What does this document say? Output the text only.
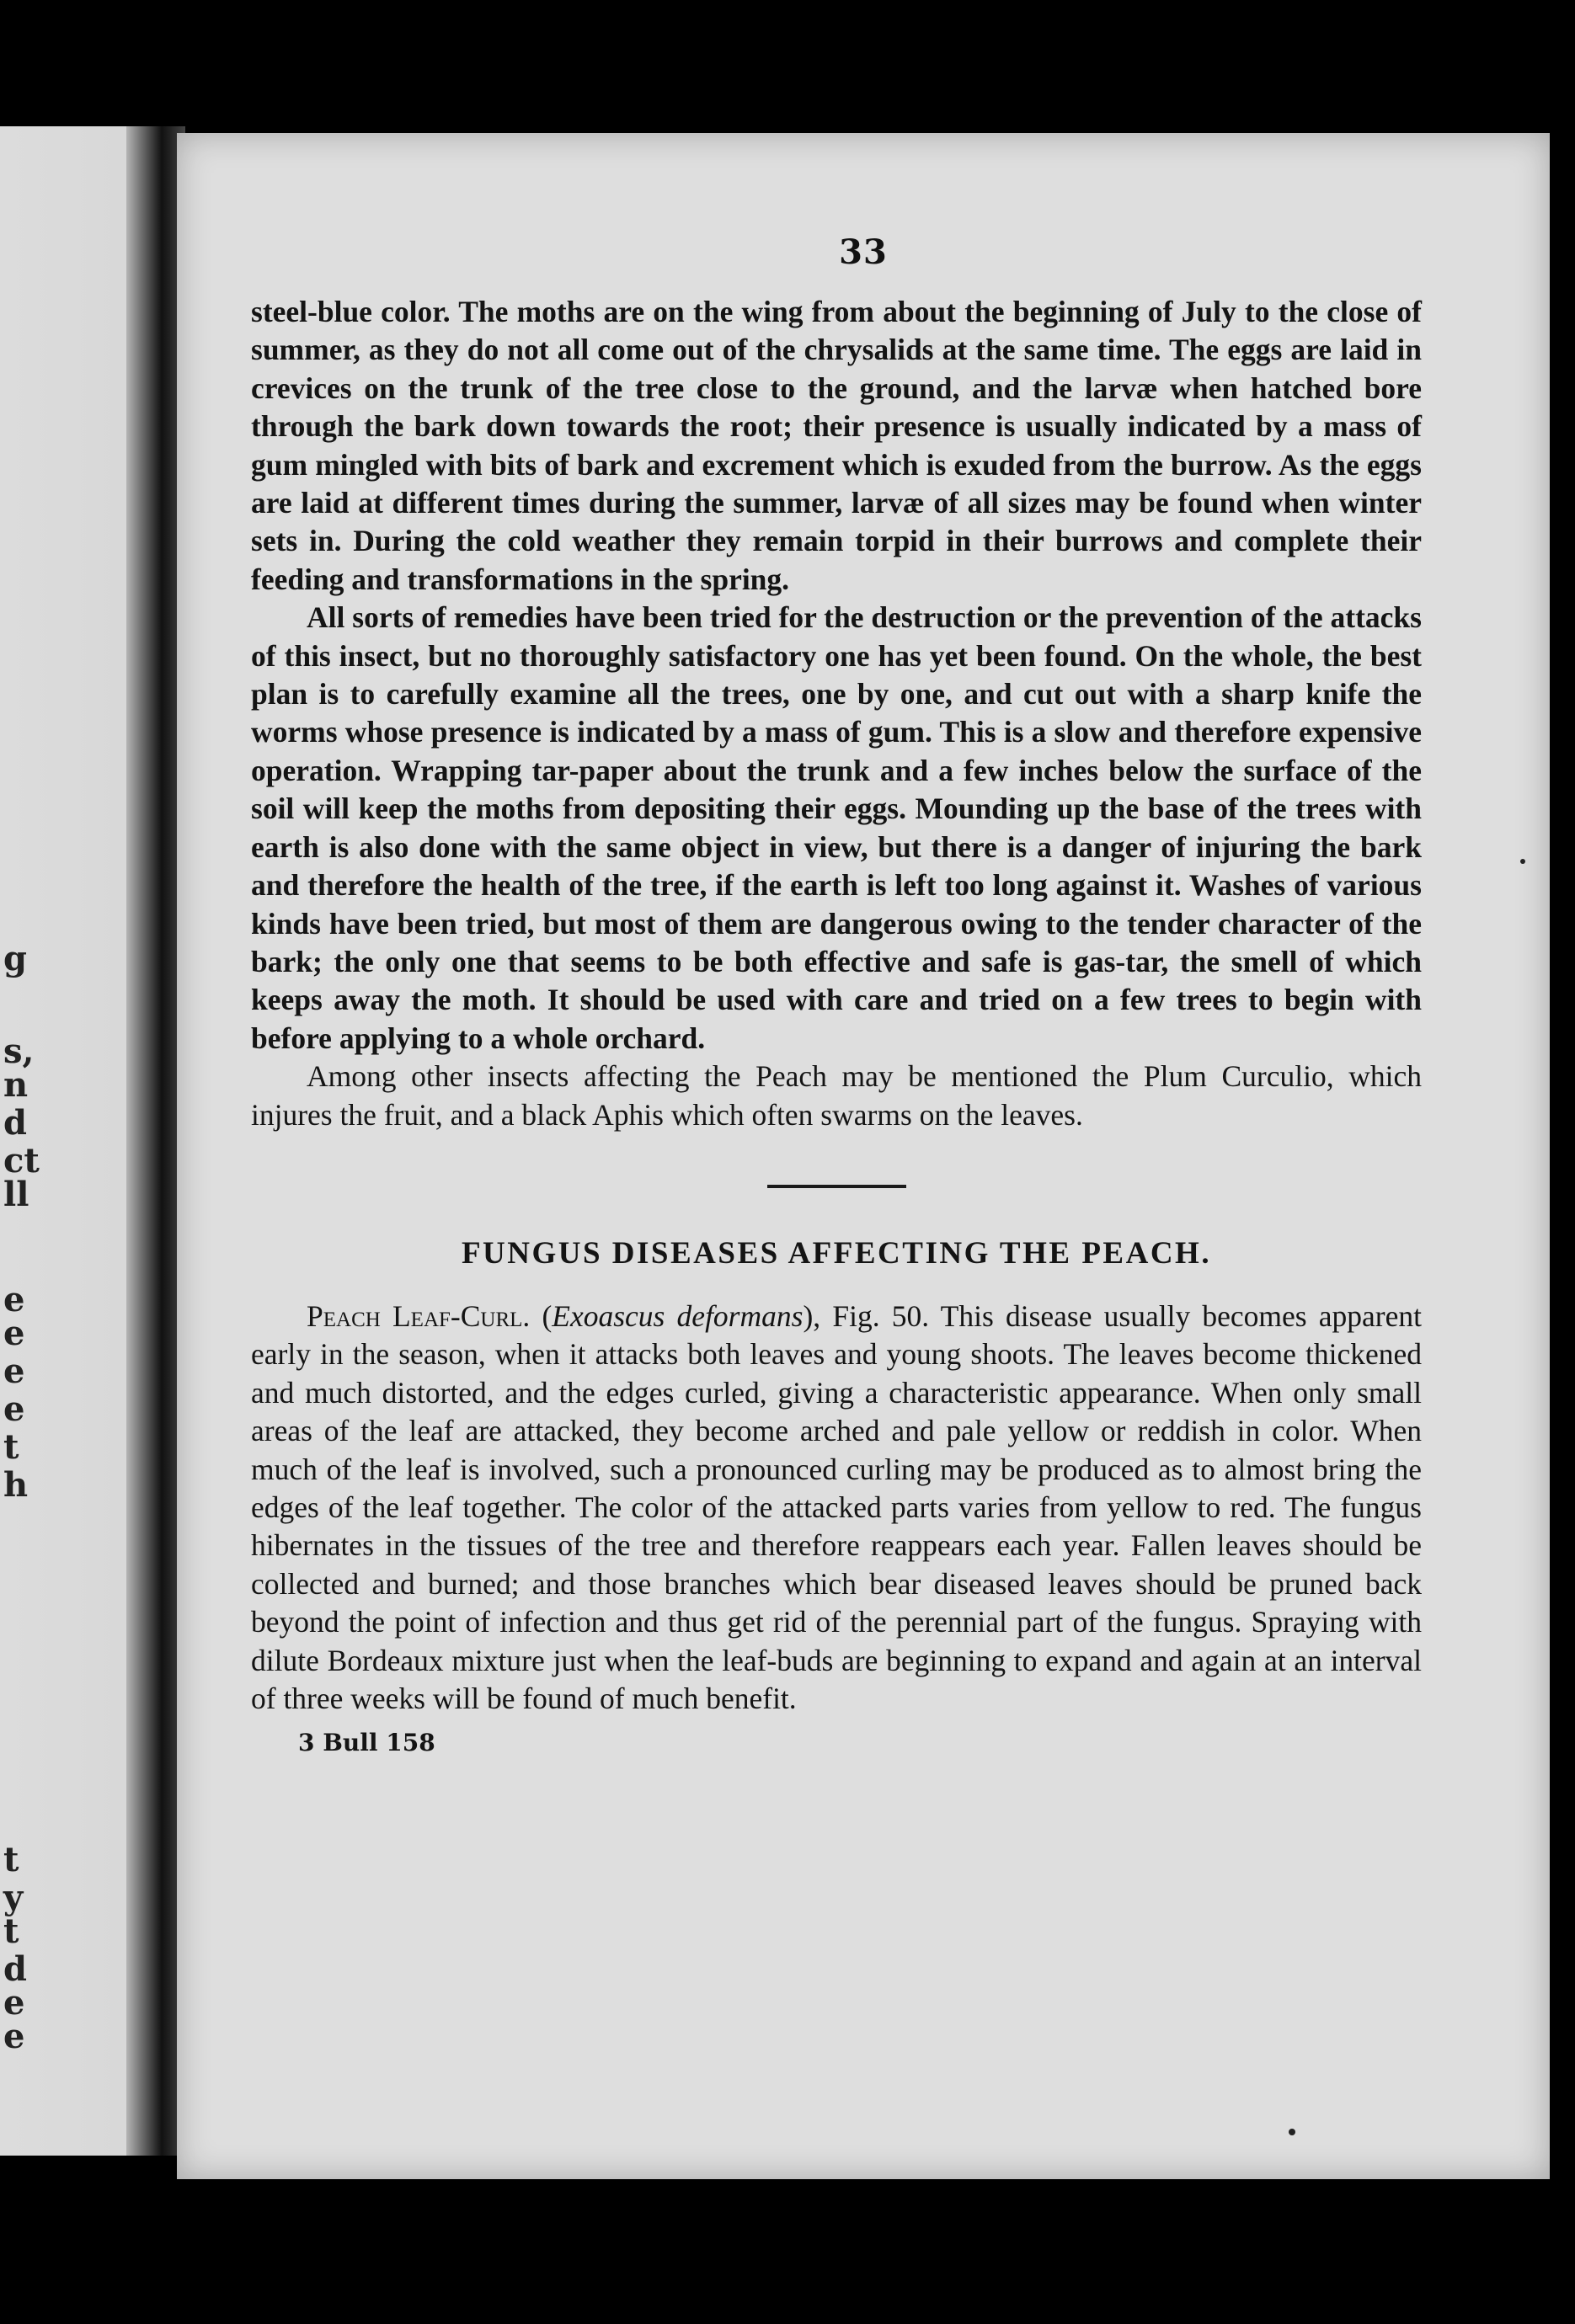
g
s,
n
d
ct
ll
e
e
e
e
t
h
t
y
t
d
e
e
33

steel-blue color. The moths are on the wing from about the beginning of July to the close of summer, as they do not all come out of the chrysalids at the same time. The eggs are laid in crevices on the trunk of the tree close to the ground, and the larvæ when hatched bore through the bark down towards the root; their presence is usually indicated by a mass of gum mingled with bits of bark and excrement which is exuded from the burrow. As the eggs are laid at different times during the summer, larvæ of all sizes may be found when winter sets in. During the cold weather they remain torpid in their burrows and complete their feeding and transformations in the spring.

All sorts of remedies have been tried for the destruction or the prevention of the attacks of this insect, but no thoroughly satisfactory one has yet been found. On the whole, the best plan is to carefully examine all the trees, one by one, and cut out with a sharp knife the worms whose presence is indicated by a mass of gum. This is a slow and therefore expensive operation. Wrapping tar-paper about the trunk and a few inches below the surface of the soil will keep the moths from depositing their eggs. Mounding up the base of the trees with earth is also done with the same object in view, but there is a danger of injuring the bark and therefore the health of the tree, if the earth is left too long against it. Washes of various kinds have been tried, but most of them are dangerous owing to the tender character of the bark; the only one that seems to be both effective and safe is gas-tar, the smell of which keeps away the moth. It should be used with care and tried on a few trees to begin with before applying to a whole orchard.

Among other insects affecting the Peach may be mentioned the Plum Curculio, which injures the fruit, and a black Aphis which often swarms on the leaves.

FUNGUS DISEASES AFFECTING THE PEACH.

Peach Leaf-Curl. (Exoascus deformans), Fig. 50. This disease usually becomes apparent early in the season, when it attacks both leaves and young shoots. The leaves become thickened and much distorted, and the edges curled, giving a characteristic appearance. When only small areas of the leaf are attacked, they become arched and pale yellow or reddish in color. When much of the leaf is involved, such a pronounced curling may be produced as to almost bring the edges of the leaf together. The color of the attacked parts varies from yellow to red. The fungus hibernates in the tissues of the tree and therefore reappears each year. Fallen leaves should be collected and burned; and those branches which bear diseased leaves should be pruned back beyond the point of infection and thus get rid of the perennial part of the fungus. Spraying with dilute Bordeaux mixture just when the leaf-buds are beginning to expand and again at an interval of three weeks will be found of much benefit.

3 Bull 158
